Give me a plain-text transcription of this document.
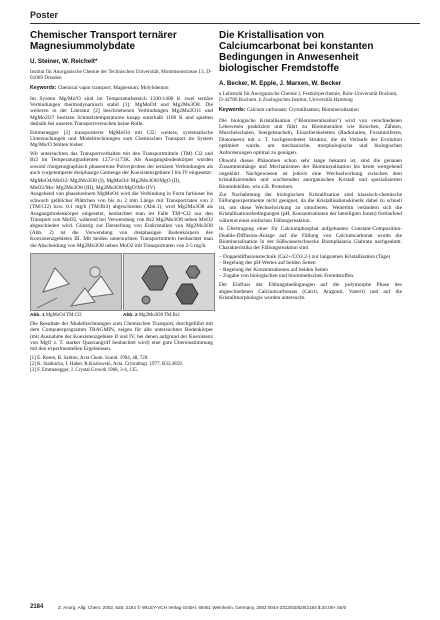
Poster
Chemischer Transport ternärer Magnesiummolybdate
U. Steiner, W. Reichelt*
Institut für Anorganische Chemie der Technischen Universität, Mommsenstrasse 13, D-01069 Dresden
Keywords: Chemical vapor transport; Magnesium; Molybdenum

Im System Mg/Mo/O sind im Temperaturbereich 1100-1400 K zwei ternäre Verbindungen thermodynamisch stabil [1]: MgMoO4 und Mg2Mo3O8. Die weiteren in der Literatur [2] beschriebenen Verbindungen Mg2Mo2O11 und MgMo2O7 besitzen Schmelztemperaturen knapp unterhalb 1100 K und spielten deshalb bei unseren Transportversuchen keine Rolle.

Emmenegger [3] transportierte MgMoO4 mit Cl2; weitere, systematische Untersuchungen und Modellrechnungen zum Chemischen Transport im System Mg/Mo/O fehlten bisher.

Wir untersuchten das Transportverhalten mit den Transportmitteln (TM) Cl2 und Br2 im Temperaturgradienten 1273-1173K. Als Ausgangsbodenkörper wurden sowohl röntgenographisch phasenreine Pulverproben der ternären Verbindungen als auch vorgetemperte dreiphasige Gemenge der Koexistenzgebiete I bis IV eingesetzt:

MgMoO4/MoO2/ Mg2Mo3O8 (I), MgMoO4/ Mg2Mo3O8/MgO (II),
MoO2/Mo/ Mg2Mo3O8 (III), Mg2Mo3O8/MgO/Mo (IV)

Ausgehend von phasenreinem MgMoO4 wird die Verbindung in Form farbloser bis schwach gelblicher Plättchen von bis zu 2 mm Länge mit Transportraten von 2 (TM:Cl2) bzw. 0.1 mg/h (TM:Br2) abgeschieden (Abb.1), wird Mg2Mo3O8 als Ausgangsbodenkörper eingesetzt, beobachtet man im Falle TM=Cl2 nur den Transport von MoO2, während bei Verwendung von Br2 Mg2Mo3O8 neben MoO2 abgeschieden wird. Günstig zur Darstellung von Einkristallen von Mg2Mo3O8 (Abb. 2) ist die Verwendung von dreiphasigen Bodenkörpern des Koexistenzgebietes III. Mit beiden untersuchten Transportmitteln beobachtet man die Abscheidung von Mg2Mo3O8 neben MoO2 mit Transportraten von 2-5 mg/h.

Abb. 1 MgMoO4 TM:Cl2	Abb. 2 Mg2Mo3O8 TM:Br2

Die Resultate der Modellrechnungen zum Chemischen Transport, durchgeführt mit dem Computerprogramm TRAGMIN, zeigen für alle untersuchten Bodenkörper (mit Ausnahme der Koexistenzgebiete II und IV, bei denen aufgrund der Koexistenz von MgO z. T. starker Quarzangriff beobachtet wird) eine gute Übereinstimmung mit den experimentellen Ergebnissen.

[1] E. Rosen, B. Saitton, Acta Chem. Scand. 1994, 48, 720.
[2] K. Stadnicka, J. Haber, R.Kozlowski, Acta. Crystallogr. 1977, B33,3859.
[3] F. Emmenegger, J. Crystal Growth 1968, 3-4, 135.
Die Kristallisation von Calciumcarbonat bei konstanten Bedingungen in Anwesenheit biologischer Fremdstoffe
A. Becker, M. Epple, J. Marxen, W. Becker
a Lehrstuhl für Anorganische Chemie I, Festkörperchemie, Ruhr-Universität Bochum, D-44780 Bochum. b Zoologisches Institut, Universität Hamburg
Keywords: Calcium carbonate; Crystallisation; Biomineralisation

Die biologische Kristallisation ("Biomineralisation") wird von verschiedenen Lebewesen praktiziert und führt zu Biomineralien wie Knochen, Zähnen, Muschelschalen, Seeigelstacheln, Einzellerskeletten (Radiolarien, Foraminiferen, Diatomeen) mit z. T. hochgeordneter Struktur, die im Verlaufe der Evolution optimiert wurde, um mechanische, morphologische und biologischen Anforderungen optimal zu genügen.

Obwohl dieses Phänomen schon sehr lange bekannt ist, sind die genauen Zusammenhänge und Mechanismen der Biomineralisation bis heute weitgehend ungeklärt. Nachgewiesen ist jedoch eine Wechselwirkung zwischen dem kristallisierenden und wachsenden anorganischen Kristall und spezialisierten Biomolekülen, wie z.B. Proteinen.

Zur Nachahmung der biologischen Kristallisation sind klassisch-chemische Fällungsexperimente nicht geeignet, da die Kristallisationskinetik dabei zu schnell ist, um diese Wechselwirkung zu simulieren. Weiterhin verändern sich die Kristallisationsbedingungen (pH, Konzentrationen der beteiligten Ionen) fortlaufend während einer einfachen Fällungsreaktion.

In Übertragung einer für Calciumphosphat aufgebauten Constant-Composition-Double-Diffusion-Anlage auf die Fällung von Calciumcarbonat wurde die Biomineralisation in der Süßwasserschnecke Biomphalaria Glabrata nachgeahmt. Charakteristika der Fällungsreaktion sind

– Doppeldiffusionstechnik (Ca2+/CO3 2-) zur langsamen Kristallisation (Tage)
– Regelung des pH-Wertes auf beiden Seiten
– Regelung der Konzentrationen auf beiden Seiten
– Zugabe von biologischen und biomimetischen Fremdstoffen.

Der Einfluss der Fällungsbedingungen auf die polymorphe Phase des abgeschiedenen Calciumcarbonats (Calcit, Aragonit, Vaterit) und auf die Kristallmorphologie wurden untersucht.

2184	Z. Anorg. Allg. Chem. 2002, 628, 2184 © WILEY-VCH Verlag GmbH, 69451 Weinheim, Germany, 2002 0044-2313/02/628/2184 $ 20.00+.50/0
